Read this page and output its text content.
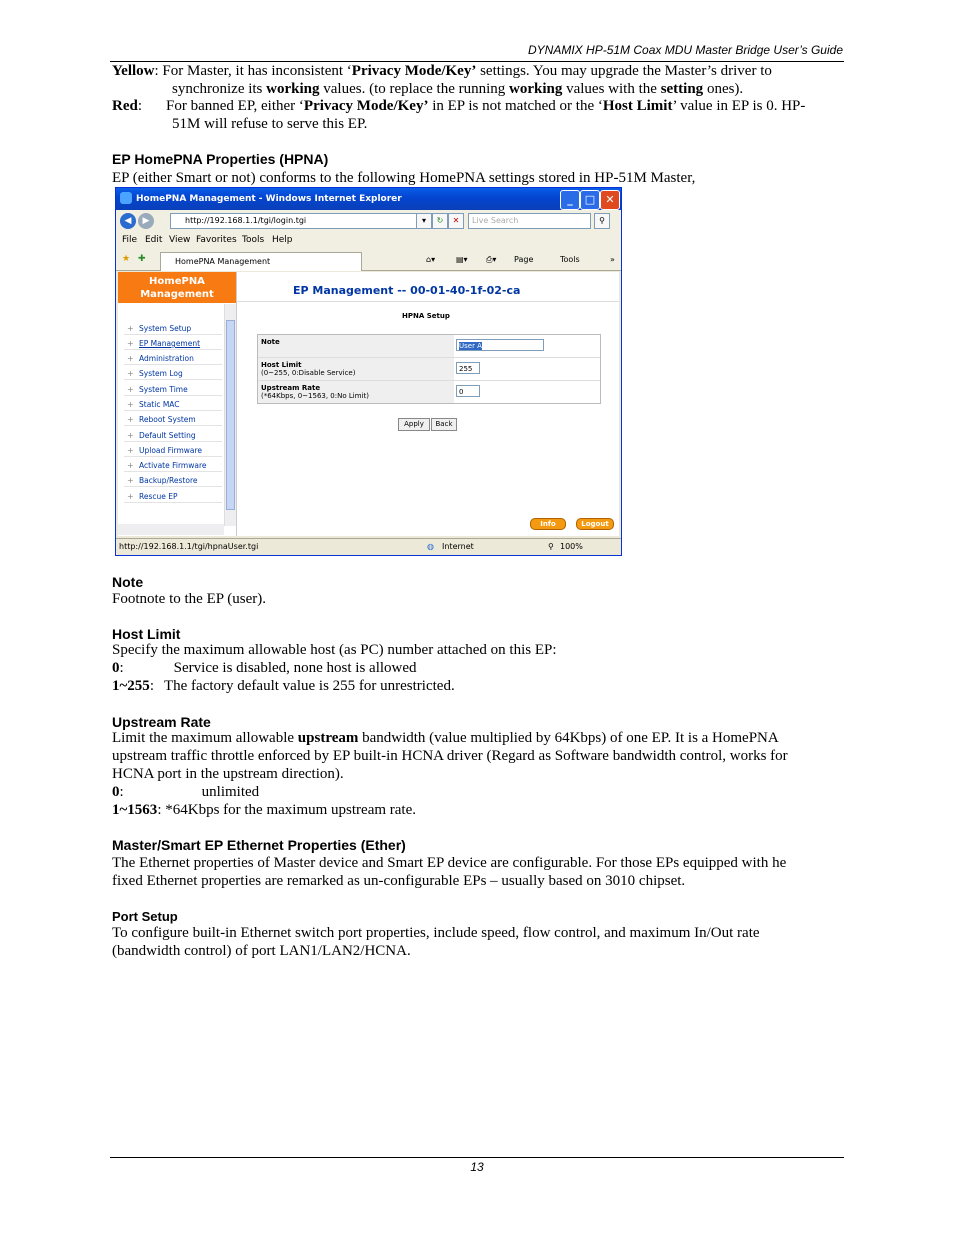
DYNAMIX HP-51M Coax MDU Master Bridge User’s Guide
Yellow: For Master, it has inconsistent ‘Privacy Mode/Key’ settings. You may upgrade the Master’s driver to
synchronize its working values. (to replace the running working values with the setting ones).
Red: For banned EP, either ‘Privacy Mode/Key’ in EP is not matched or the ‘Host Limit’ value in EP is 0. HP-
51M will refuse to serve this EP.
EP HomePNA Properties (HPNA)
EP (either Smart or not) conforms to the following HomePNA settings stored in HP-51M Master,
HomePNA Management - Windows Internet Explorer	_	□ ✕
◀	▶	http://192.168.1.1/tgi/login.tgi	▾	↻	✕	Live Search	⚲
File Edit View Favorites Tools Help
★ ✚	HomePNA Management	⌂▾	▤▾ ⎙▾ Page	Tools	»
HomePNA
Management
+ System Setup
+ EP Management
+ Administration
+ System Log
+ System Time
+ Static MAC
+ Reboot System
+ Default Setting
+ Upload Firmware
+ Activate Firmware
+ Backup/Restore
+ Rescue EP
EP Management -- 00-01-40-1f-02-ca
HPNA Setup
Note	User A
Host Limit
(0~255, 0:Disable Service)	255
Upstream Rate
(*64Kbps, 0~1563, 0:No Limit)	0
Apply	Back
Info	Logout
http://192.168.1.1/tgi/hpnaUser.tgi	◍ Internet	⚲ 100%
Note
Footnote to the EP (user).
Host Limit
Specify the maximum allowable host (as PC) number attached on this EP:
0:	Service is disabled, none host is allowed
1~255: The factory default value is 255 for unrestricted.
Upstream Rate
Limit the maximum allowable upstream bandwidth (value multiplied by 64Kbps) of one EP. It is a HomePNA
upstream traffic throttle enforced by EP built-in HCNA driver (Regard as Software bandwidth control, works for
HCNA port in the upstream direction).
0:	unlimited
1~1563: *64Kbps for the maximum upstream rate.
Master/Smart EP Ethernet Properties (Ether)
The Ethernet properties of Master device and Smart EP device are configurable. For those EPs equipped with he
fixed Ethernet properties are remarked as un-configurable EPs – usually based on 3010 chipset.
Port Setup
To configure built-in Ethernet switch port properties, include speed, flow control, and maximum In/Out rate
(bandwidth control) of port LAN1/LAN2/HCNA.
13
